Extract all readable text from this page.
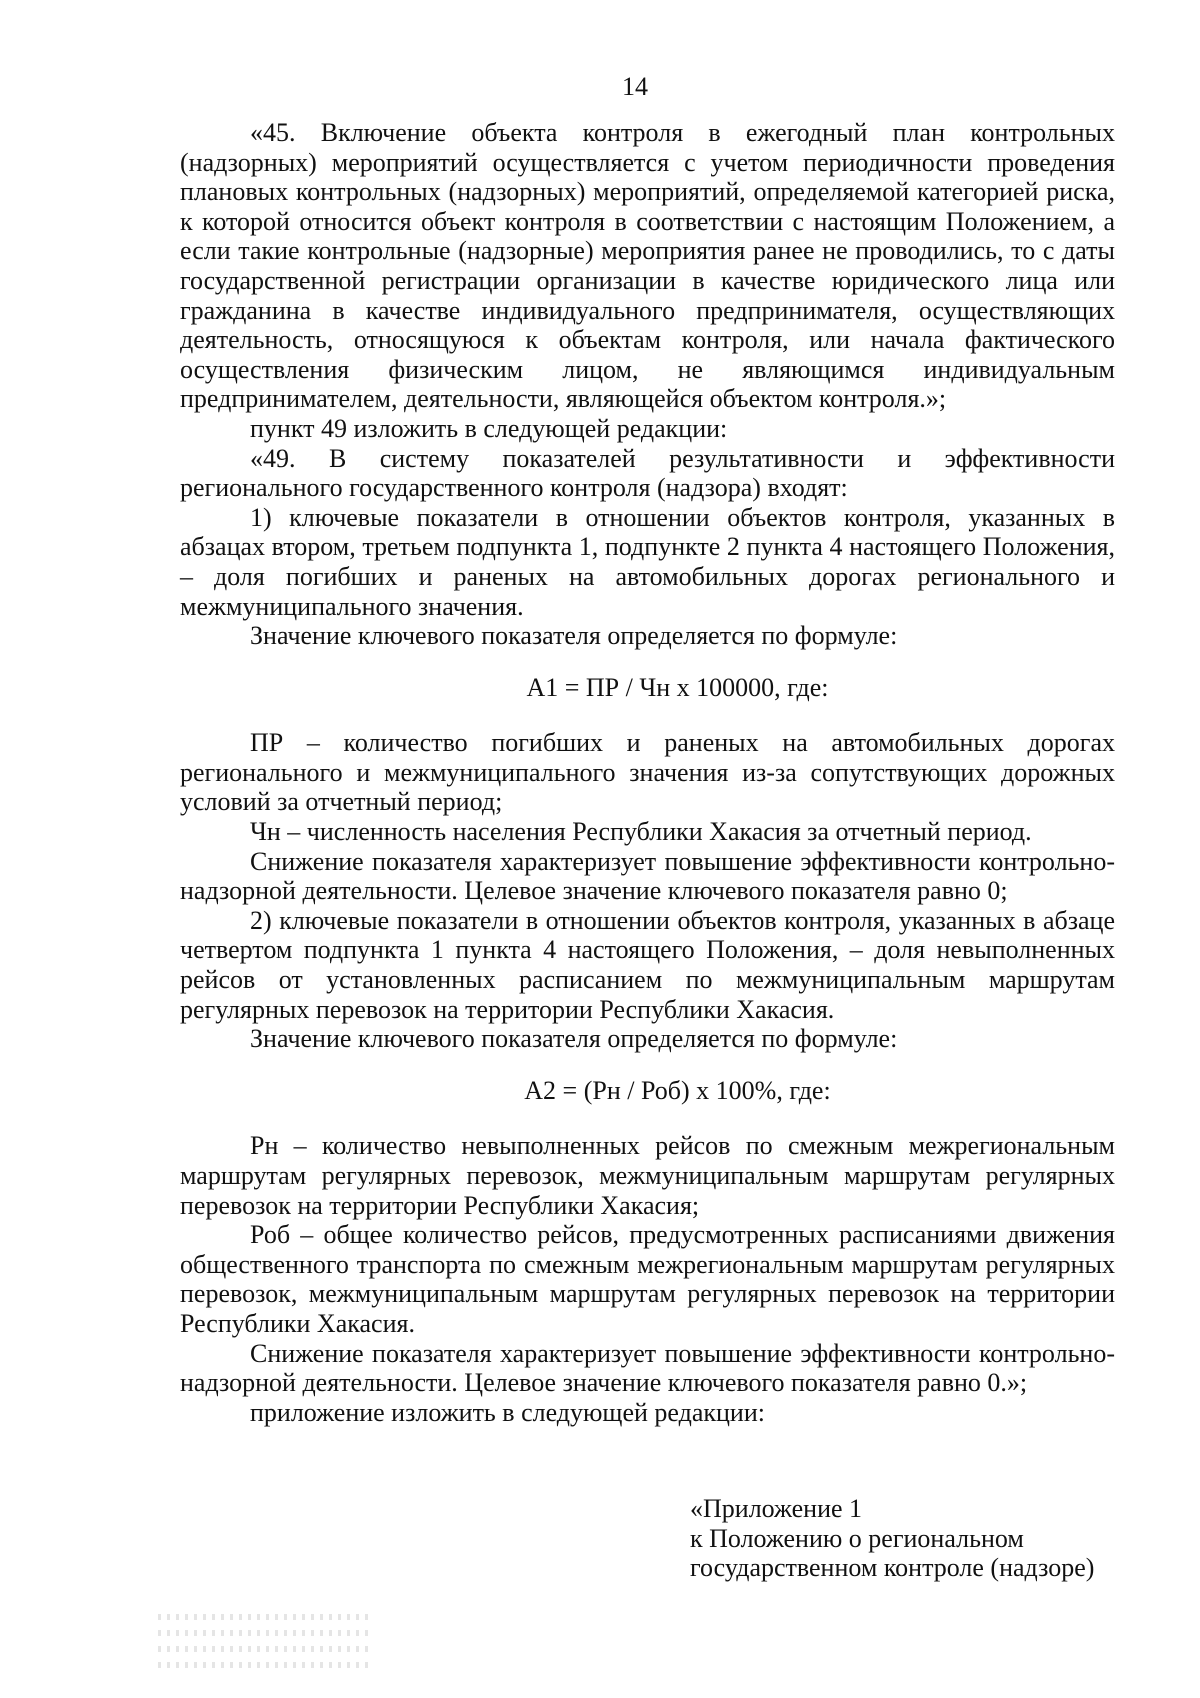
14

«45. Включение объекта контроля в ежегодный план контрольных (надзорных) мероприятий осуществляется с учетом периодичности проведения плановых контрольных (надзорных) мероприятий, определяемой категорией риска, к которой относится объект контроля в соответствии с настоящим Положением, а если такие контрольные (надзорные) мероприятия ранее не проводились, то с даты государственной регистрации организации в качестве юридического лица или гражданина в качестве индивидуального предпринимателя, осуществляющих деятельность, относящуюся к объектам контроля, или начала фактического осуществления физическим лицом, не являющимся индивидуальным предпринимателем, деятельности, являющейся объектом контроля.»;

пункт 49 изложить в следующей редакции:

«49. В систему показателей результативности и эффективности регионального государственного контроля (надзора) входят:

1) ключевые показатели в отношении объектов контроля, указанных в абзацах втором, третьем подпункта 1, подпункте 2 пункта 4 настоящего Положения, – доля погибших и раненых на автомобильных дорогах регионального и межмуниципального значения.

Значение ключевого показателя определяется по формуле:

А1 = ПР / Чн х 100000, где:

ПР – количество погибших и раненых на автомобильных дорогах регионального и межмуниципального значения из-за сопутствующих дорожных условий за отчетный период;

Чн – численность населения Республики Хакасия за отчетный период.

Снижение показателя характеризует повышение эффективности контрольно-надзорной деятельности. Целевое значение ключевого показателя равно 0;

2) ключевые показатели в отношении объектов контроля, указанных в абзаце четвертом подпункта 1 пункта 4 настоящего Положения, – доля невыполненных рейсов от установленных расписанием по межмуниципальным маршрутам регулярных перевозок на территории Республики Хакасия.

Значение ключевого показателя определяется по формуле:

А2 = (Рн / Роб) х 100%, где:

Рн – количество невыполненных рейсов по смежным межрегиональным маршрутам регулярных перевозок, межмуниципальным маршрутам регулярных перевозок на территории Республики Хакасия;

Роб – общее количество рейсов, предусмотренных расписаниями движения общественного транспорта по смежным межрегиональным маршрутам регулярных перевозок, межмуниципальным маршрутам регулярных перевозок на территории Республики Хакасия.

Снижение показателя характеризует повышение эффективности контрольно-надзорной деятельности. Целевое значение ключевого показателя равно 0.»;

приложение изложить в следующей редакции:

«Приложение 1
к Положению о региональном
государственном контроле (надзоре)
